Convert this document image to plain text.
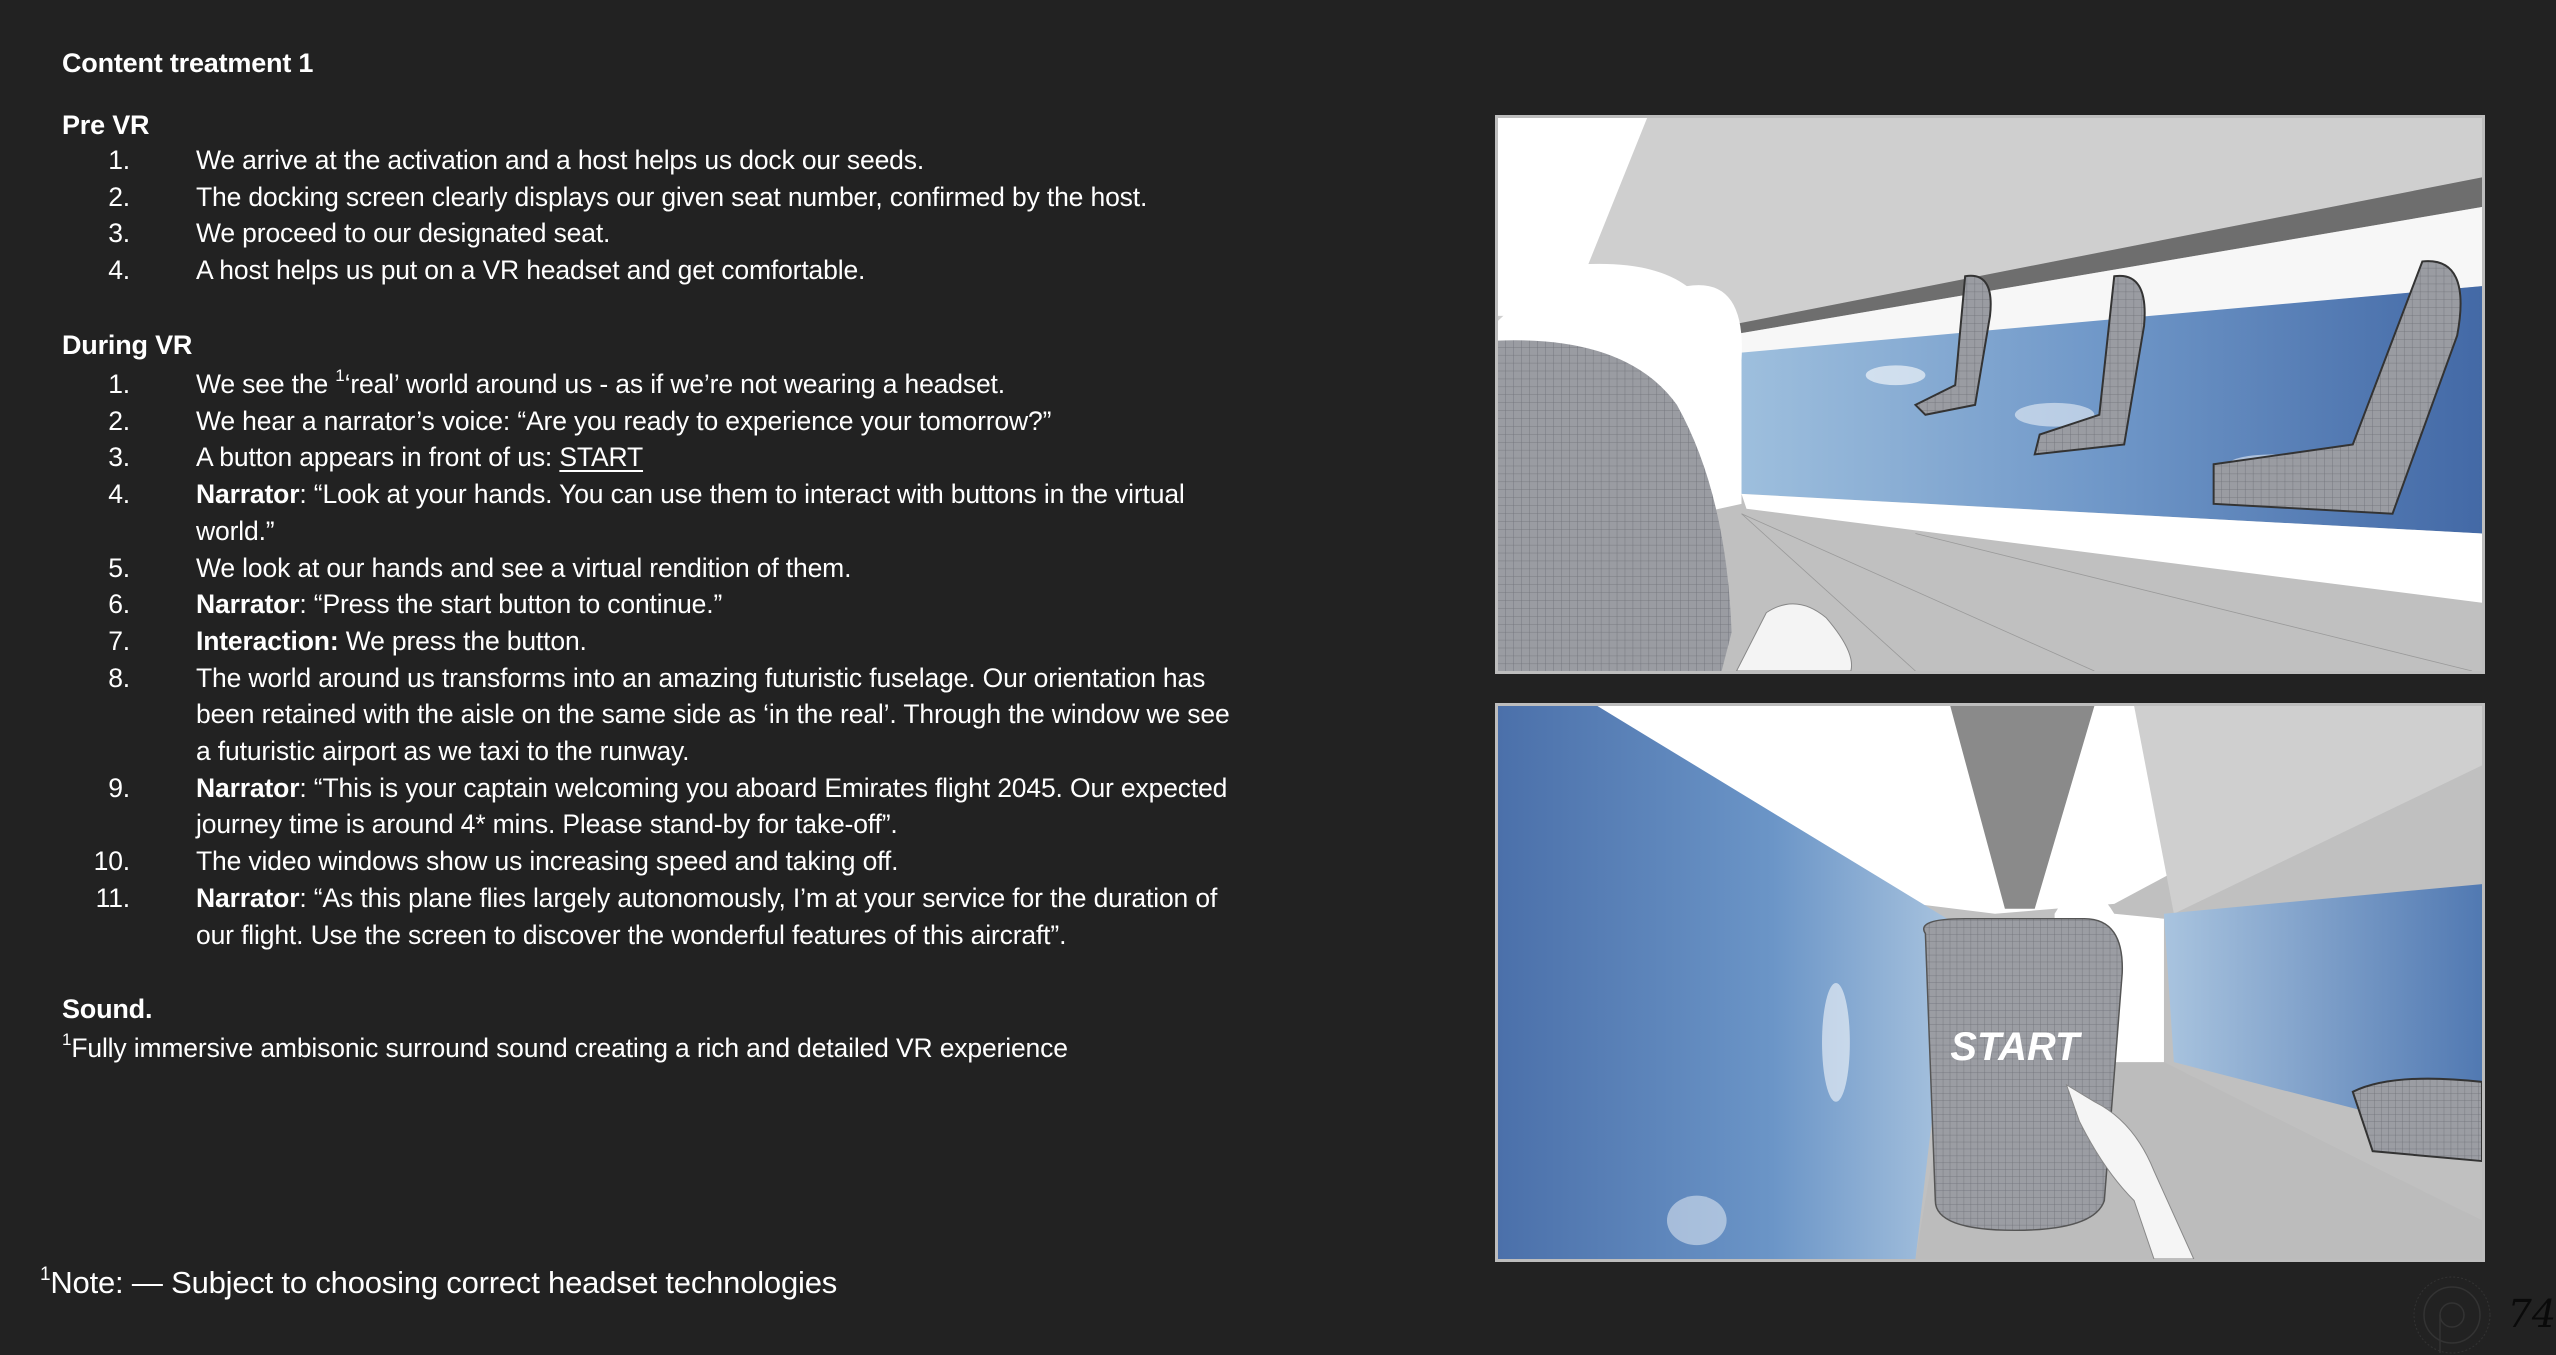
Content treatment 1
Pre VR
1. We arrive at the activation and a host helps us dock our seeds.
2. The docking screen clearly displays our given seat number, confirmed by the host.
3. We proceed to our designated seat.
4. A host helps us put on a VR headset and get comfortable.
During VR
1. We see the $^1$‘real’ world around us - as if we’re not wearing a headset.
2. We hear a narrator’s voice: “Are you ready to experience your tomorrow?”
3. A button appears in front of us: START
4. Narrator: “Look at your hands. You can use them to interact with buttons in the virtual world.”
5. We look at our hands and see a virtual rendition of them.
6. Narrator: “Press the start button to continue.”
7. Interaction: We press the button.
8. The world around us transforms into an amazing futuristic fuselage. Our orientation has been retained with the aisle on the same side as ‘in the real’. Through the window we see a futuristic airport as we taxi to the runway.
9. Narrator: “This is your captain welcoming you aboard Emirates flight 2045. Our expected journey time is around 4* mins. Please stand-by for take-off”.
10. The video windows show us increasing speed and taking off.
11. Narrator: “As this plane flies largely autonomously, I’m at your service for the duration of our flight. Use the screen to discover the wonderful features of this aircraft”.
Sound.
$^1$Fully immersive ambisonic surround sound creating a rich and detailed VR experience
$^1$Note: — Subject to choosing correct headset technologies
START
74
